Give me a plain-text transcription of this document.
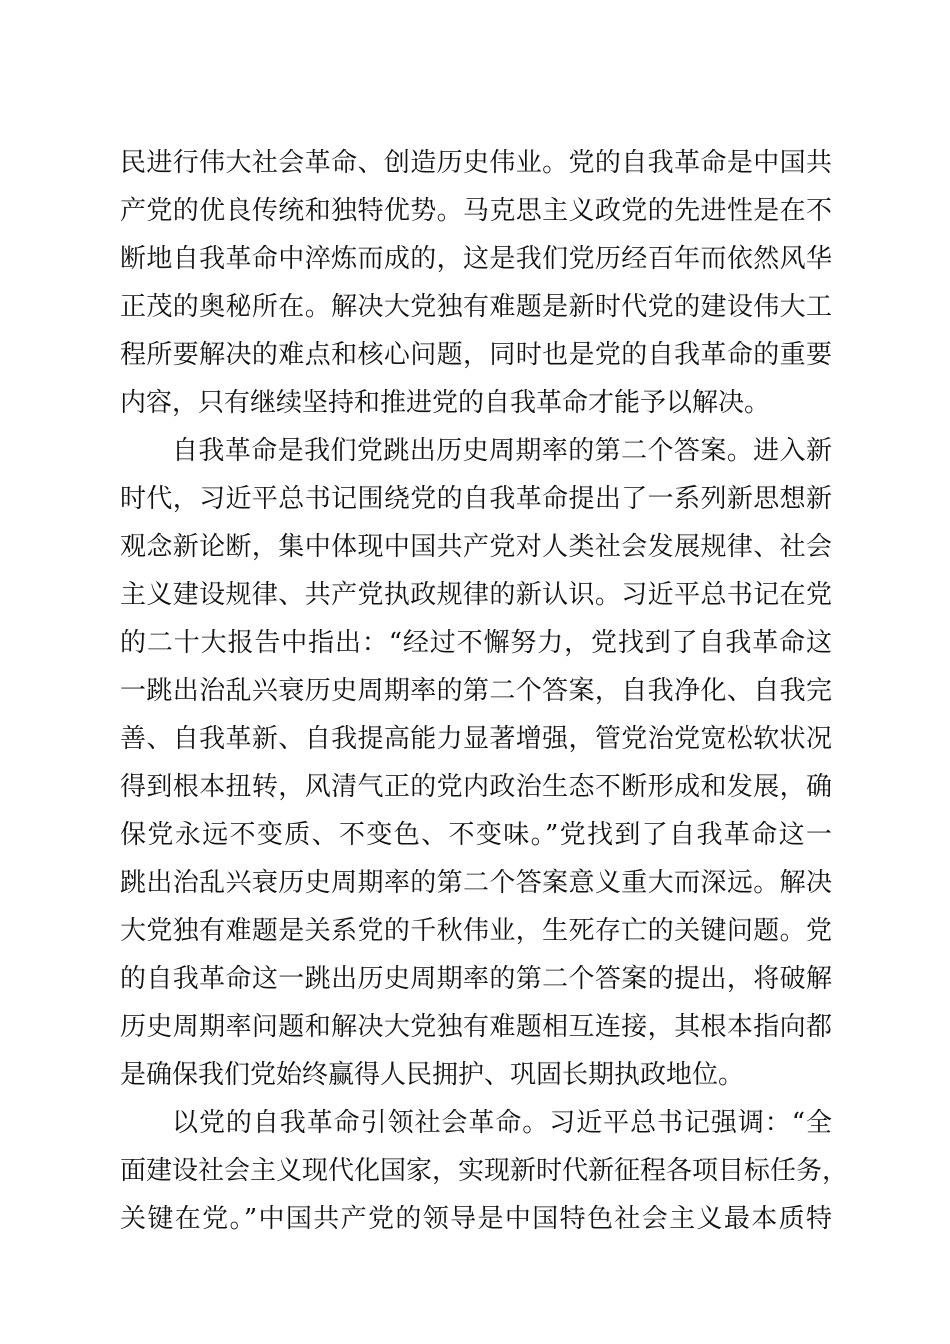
民进行伟大社会革命、创造历史伟业。党的自我革命是中国共
产党的优良传统和独特优势。马克思主义政党的先进性是在不
断地自我革命中淬炼而成的，这是我们党历经百年而依然风华
正茂的奥秘所在。解决大党独有难题是新时代党的建设伟大工
程所要解决的难点和核心问题，同时也是党的自我革命的重要
内容，只有继续坚持和推进党的自我革命才能予以解决。
自我革命是我们党跳出历史周期率的第二个答案。进入新
时代，习近平总书记围绕党的自我革命提出了一系列新思想新
观念新论断，集中体现中国共产党对人类社会发展规律、社会
主义建设规律、共产党执政规律的新认识。习近平总书记在党
的二十大报告中指出：“经过不懈努力，党找到了自我革命这
一跳出治乱兴衰历史周期率的第二个答案，自我净化、自我完
善、自我革新、自我提高能力显著增强，管党治党宽松软状况
得到根本扭转，风清气正的党内政治生态不断形成和发展，确
保党永远不变质、不变色、不变味。”党找到了自我革命这一
跳出治乱兴衰历史周期率的第二个答案意义重大而深远。解决
大党独有难题是关系党的千秋伟业，生死存亡的关键问题。党
的自我革命这一跳出历史周期率的第二个答案的提出，将破解
历史周期率问题和解决大党独有难题相互连接，其根本指向都
是确保我们党始终赢得人民拥护、巩固长期执政地位。
以党的自我革命引领社会革命。习近平总书记强调：“全
面建设社会主义现代化国家，实现新时代新征程各项目标任务，
关键在党。”中国共产党的领导是中国特色社会主义最本质特
